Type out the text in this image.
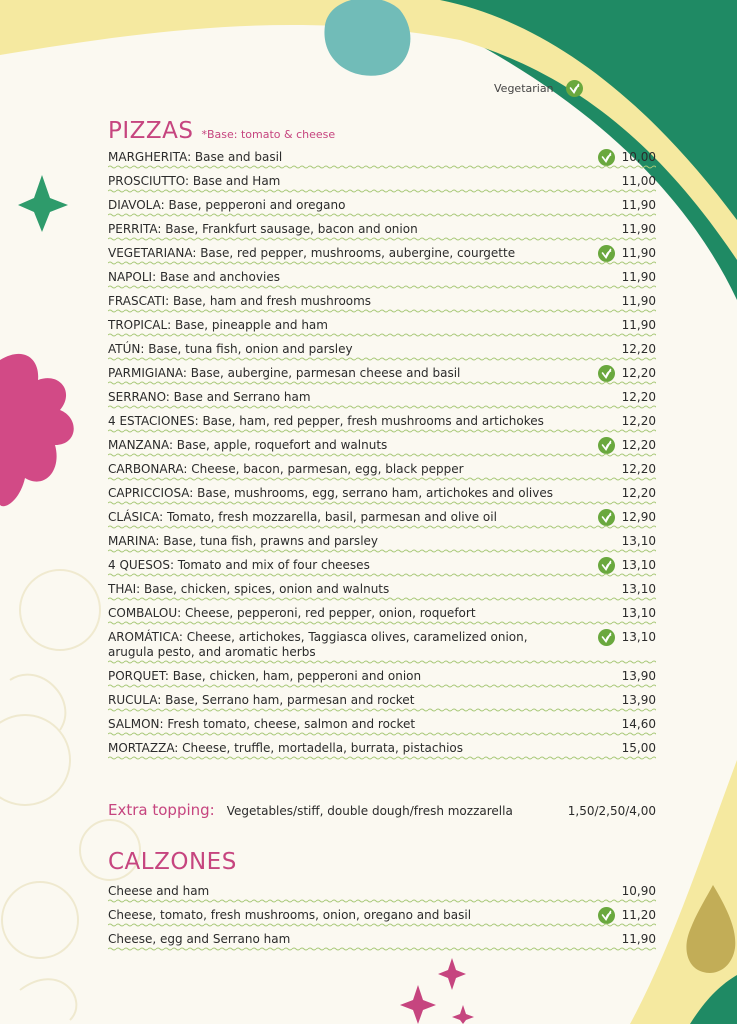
Vegetarian
PIZZAS *Base: tomato & cheese
MARGHERITA: Base and basil	10,00
PROSCIUTTO: Base and Ham	11,00
DIAVOLA: Base, pepperoni and oregano	11,90
PERRITA: Base, Frankfurt sausage, bacon and onion	11,90
VEGETARIANA: Base, red pepper, mushrooms, aubergine, courgette	11,90
NAPOLI: Base and anchovies	11,90
FRASCATI: Base, ham and fresh mushrooms	11,90
TROPICAL: Base, pineapple and ham	11,90
ATÚN: Base, tuna fish, onion and parsley	12,20
PARMIGIANA: Base, aubergine, parmesan cheese and basil	12,20
SERRANO: Base and Serrano ham	12,20
4 ESTACIONES: Base, ham, red pepper, fresh mushrooms and artichokes	12,20
MANZANA: Base, apple, roquefort and walnuts	12,20
CARBONARA: Cheese, bacon, parmesan, egg, black pepper	12,20
CAPRICCIOSA: Base, mushrooms, egg, serrano ham, artichokes and olives	12,20
CLÁSICA: Tomato, fresh mozzarella, basil, parmesan and olive oil	12,90
MARINA: Base, tuna fish, prawns and parsley	13,10
4 QUESOS: Tomato and mix of four cheeses	13,10
THAI: Base, chicken, spices, onion and walnuts	13,10
COMBALOU: Cheese, pepperoni, red pepper, onion, roquefort	13,10
AROMÁTICA: Cheese, artichokes, Taggiasca olives, caramelized onion, arugula pesto, and aromatic herbs
13,10
PORQUET: Base, chicken, ham, pepperoni and onion	13,90
RUCULA: Base, Serrano ham, parmesan and rocket	13,90
SALMON: Fresh tomato, cheese, salmon and rocket	14,60
MORTAZZA: Cheese, truffle, mortadella, burrata, pistachios	15,00
Extra topping: Vegetables/stiff, double dough/fresh mozzarella	1,50/2,50/4,00
CALZONES
Cheese and ham	10,90
Cheese, tomato, fresh mushrooms, onion, oregano and basil	11,20
Cheese, egg and Serrano ham	11,90
